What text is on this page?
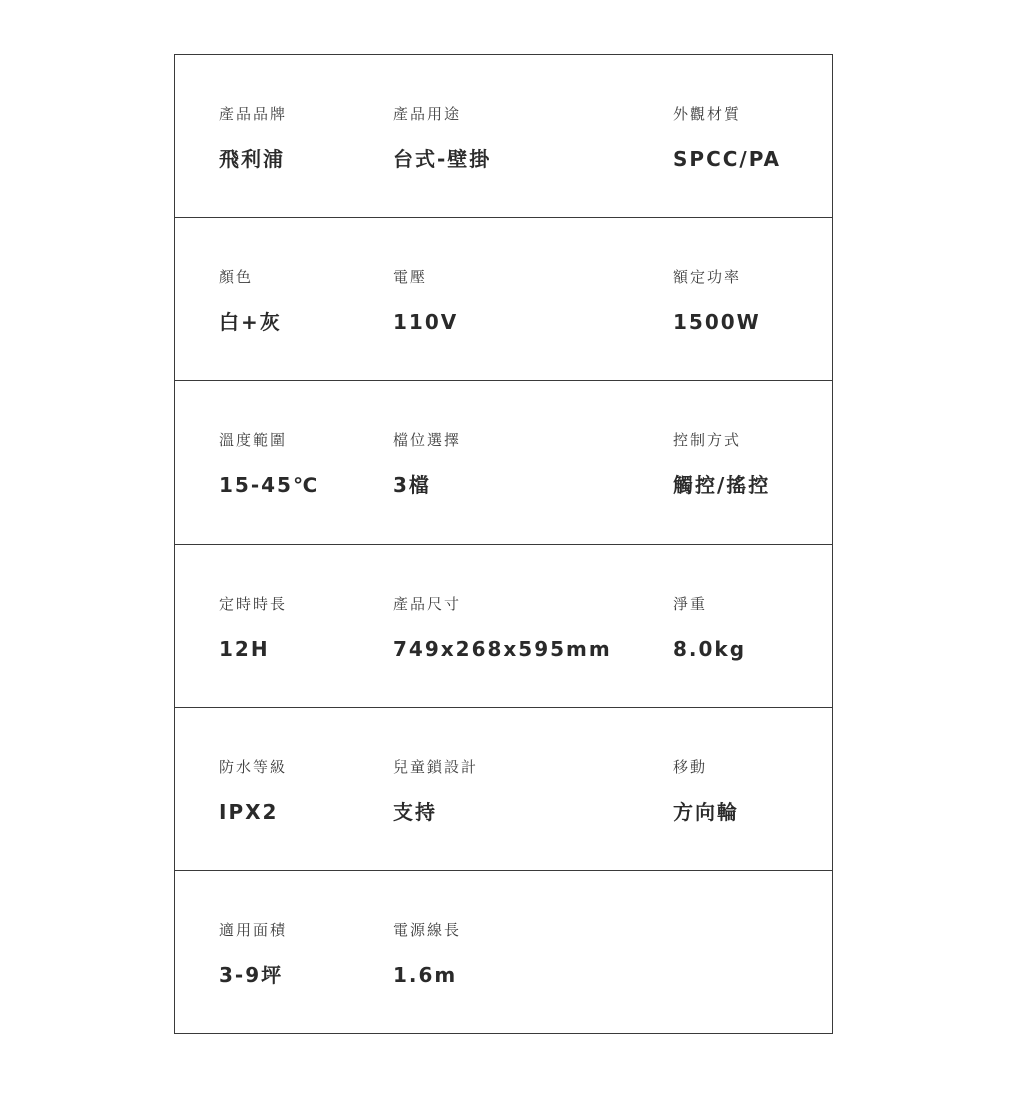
產品品牌
飛利浦
產品用途
台式-壁掛
外觀材質
SPCC/PA
顏色
白+灰
電壓
110V
額定功率
1500W
溫度範圍
15-45℃
檔位選擇
3檔
控制方式
觸控/搖控
定時時長
12H
產品尺寸
749x268x595mm
淨重
8.0kg
防水等級
IPX2
兒童鎖設計
支持
移動
方向輪
適用面積
3-9坪
電源線長
1.6m
